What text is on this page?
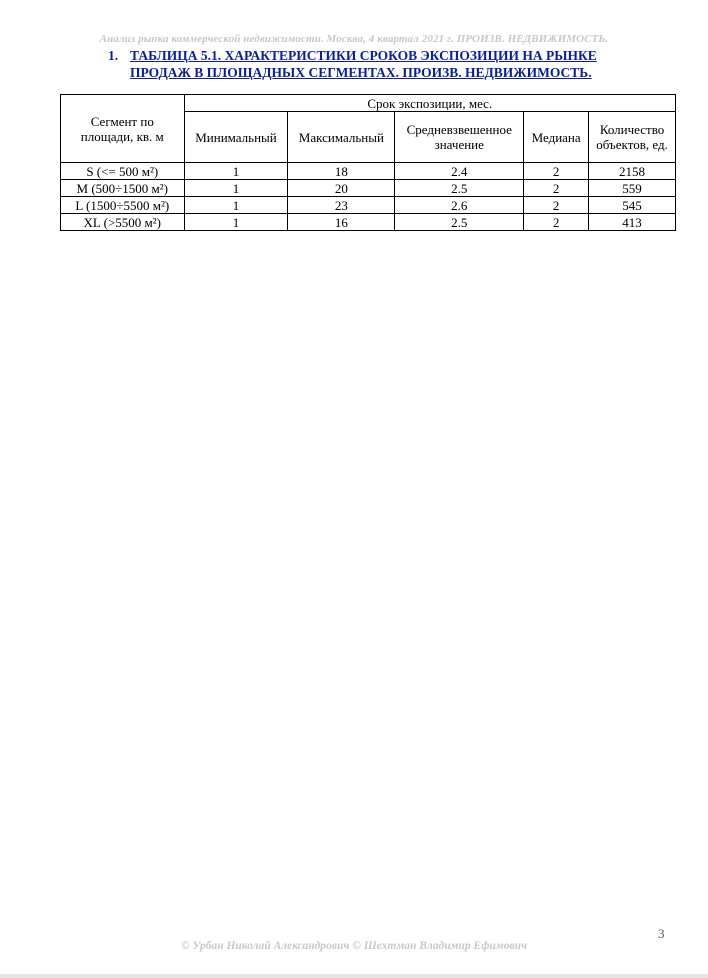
Анализ рынка коммерческой недвижимости. Москва, 4 квартал 2021 г. ПРОИЗВ. НЕДВИЖИМОСТЬ.
1. ТАБЛИЦА 5.1. ХАРАКТЕРИСТИКИ СРОКОВ ЭКСПОЗИЦИИ НА РЫНКЕ
ПРОДАЖ В ПЛОЩАДНЫХ СЕГМЕНТАХ. ПРОИЗВ. НЕДВИЖИМОСТЬ.
Сегмент по площади, кв. м	Срок экспозиции, мес.				
	Минимальный	Максимальный	Средневзвешенное значение	Медиана	Количество объектов, ед.
S (<= 500 м²)	1	18	2.4	2	2158
M (500÷1500 м²)	1	20	2.5	2	559
L (1500÷5500 м²)	1	23	2.6	2	545
XL (>5500 м²)	1	16	2.5	2	413
3
© Урбан Николай Александрович © Шехтман Владимир Ефимович
